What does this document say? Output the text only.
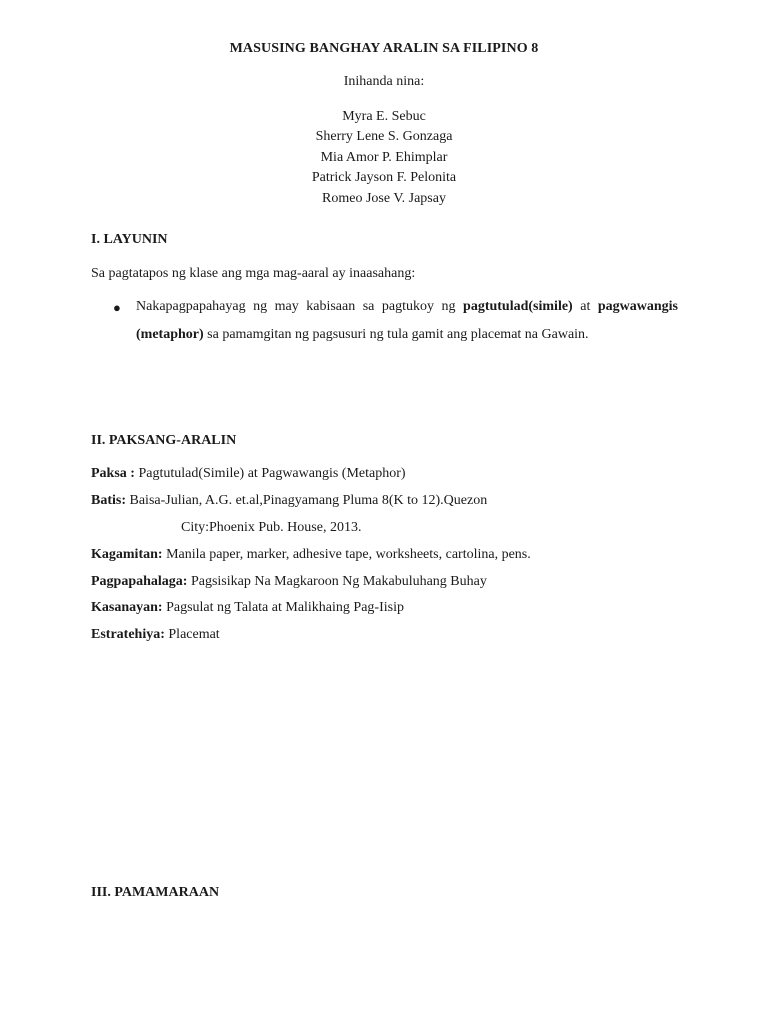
MASUSING BANGHAY ARALIN SA FILIPINO 8
Inihanda nina:
Myra E. Sebuc
Sherry Lene S. Gonzaga
Mia Amor P. Ehimplar
Patrick Jayson F. Pelonita
Romeo Jose V. Japsay
I. LAYUNIN
Sa pagtatapos ng klase ang mga mag-aaral ay inaasahang:
● Nakapagpapahayag ng may kabisaan sa pagtukoy ng pagtutulad(simile) at pagwawangis (metaphor) sa pamamgitan ng pagsusuri ng tula gamit ang placemat na Gawain.
II. PAKSANG-ARALIN
Paksa : Pagtutulad(Simile) at Pagwawangis (Metaphor)
Batis: Baisa-Julian, A.G. et.al,Pinagyamang Pluma 8(K to 12).Quezon
City:Phoenix Pub. House, 2013.
Kagamitan: Manila paper, marker, adhesive tape, worksheets, cartolina, pens.
Pagpapahalaga: Pagsisikap Na Magkaroon Ng Makabuluhang Buhay
Kasanayan: Pagsulat ng Talata at Malikhaing Pag-Iisip
Estratehiya: Placemat
III. PAMAMARAAN
